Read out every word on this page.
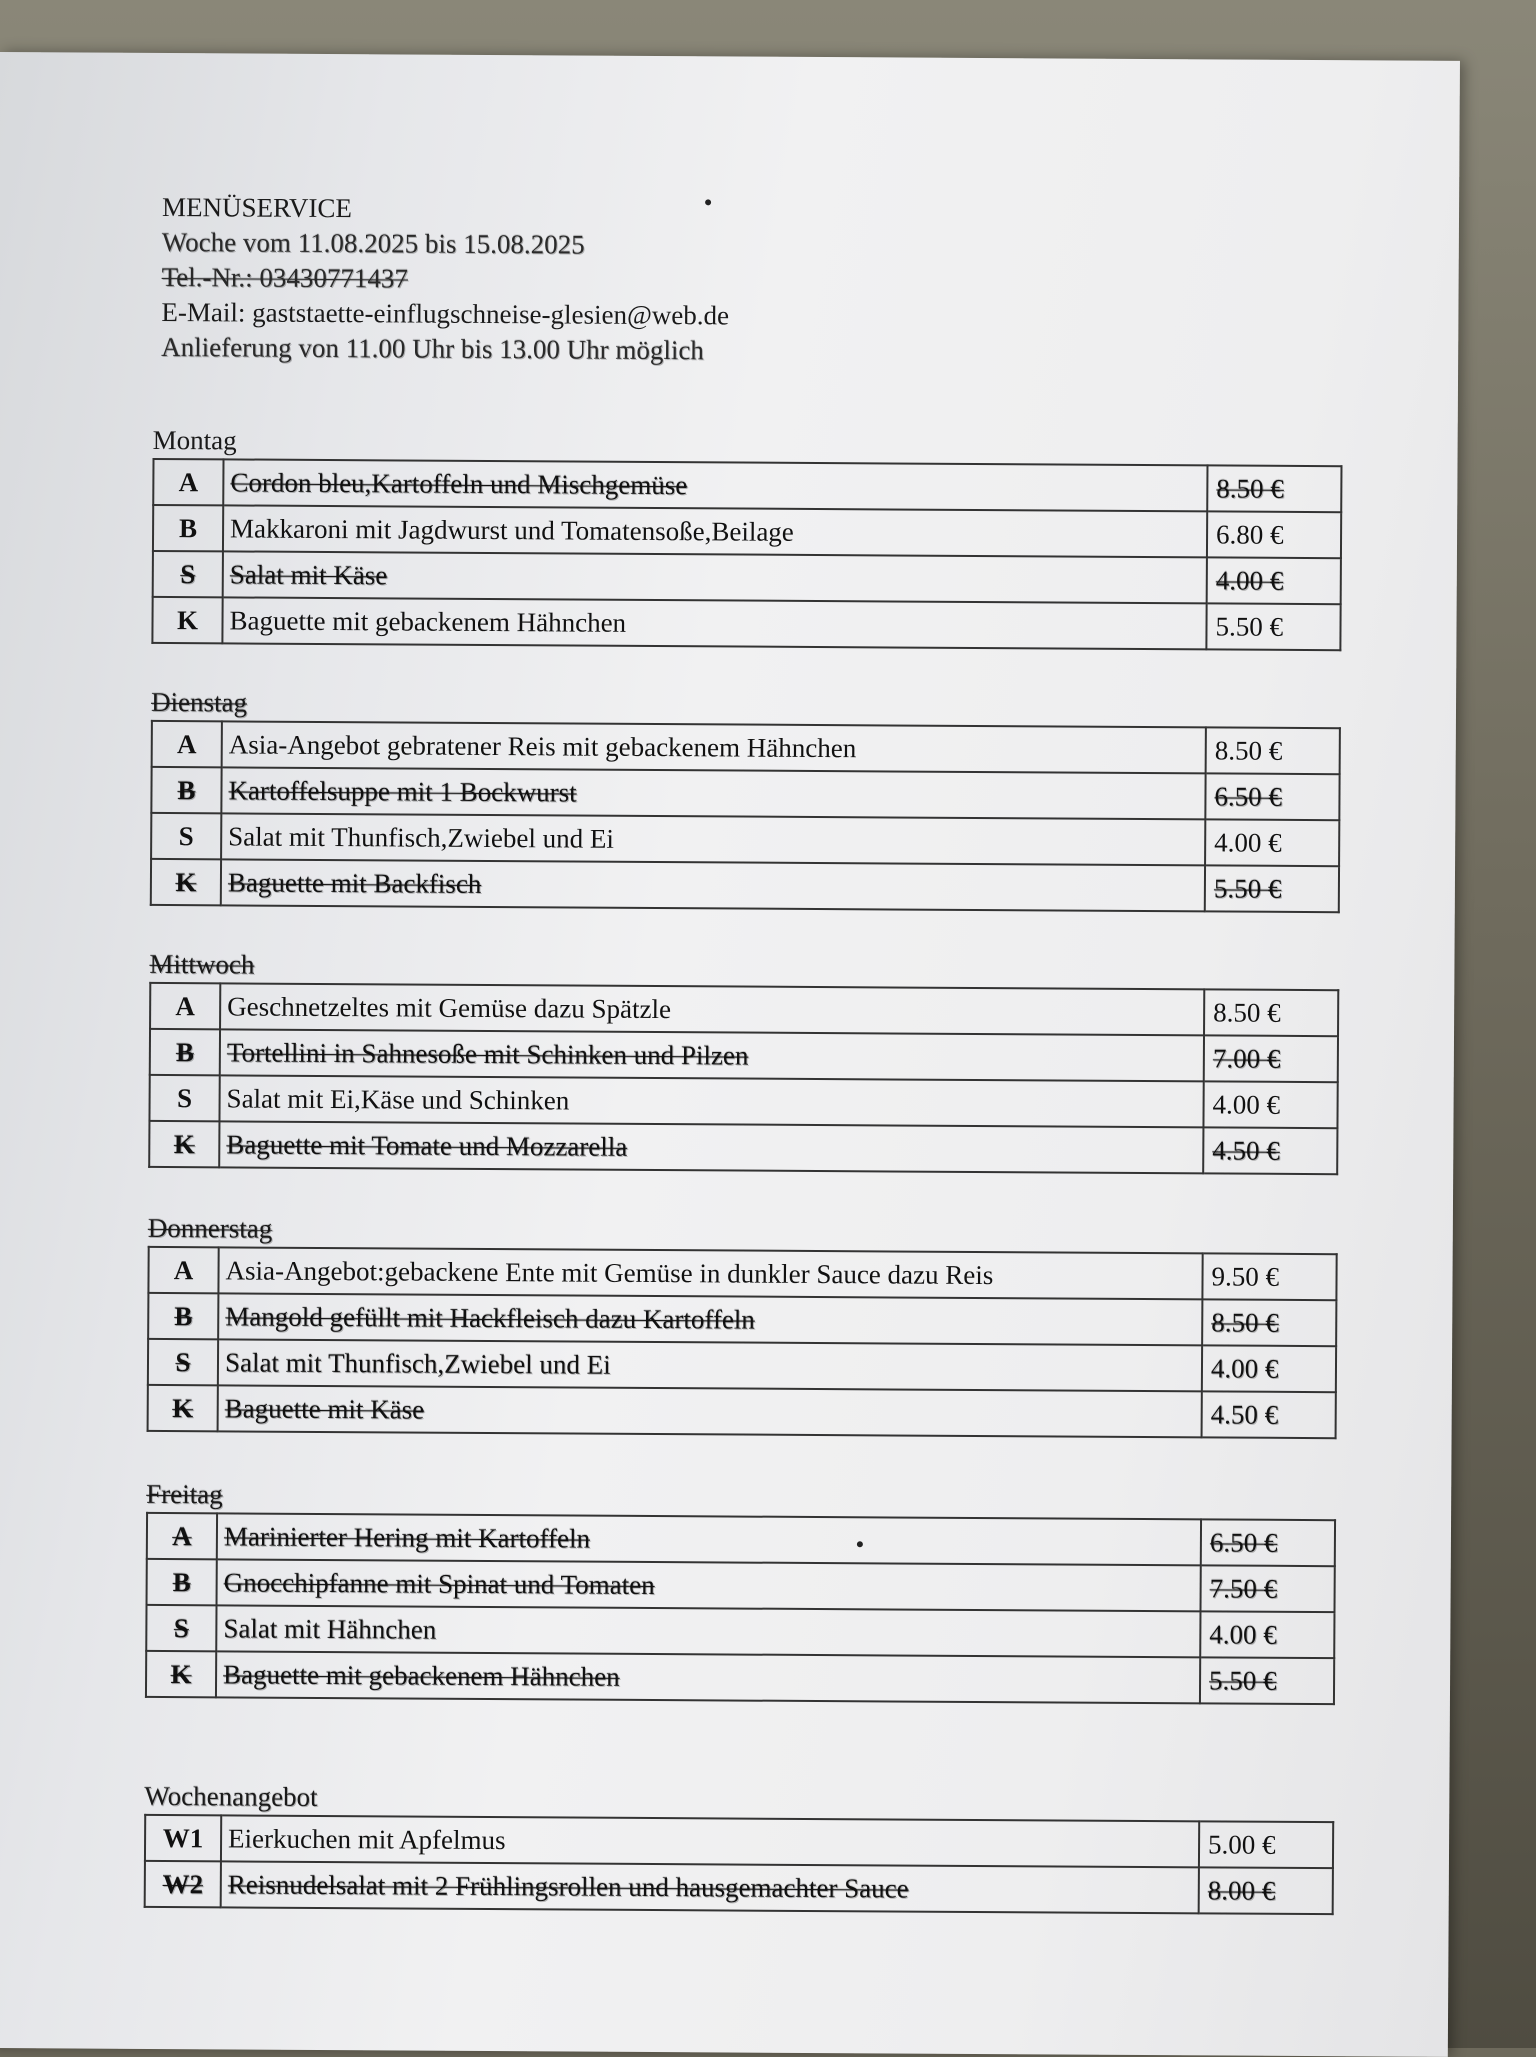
MENÜSERVICE
Woche vom 11.08.2025 bis 15.08.2025
Tel.-Nr.: 03430771437
E-Mail: gaststaette-einflugschneise-glesien@web.de
Anlieferung von 11.00 Uhr bis 13.00 Uhr möglich
Montag
A	Cordon bleu,Kartoffeln und Mischgemüse	8.50 €
B	Makkaroni mit Jagdwurst und Tomatensoße,Beilage	6.80 €
S	Salat mit Käse	4.00 €
K	Baguette mit gebackenem Hähnchen	5.50 €
Dienstag
A	Asia-Angebot gebratener Reis mit gebackenem Hähnchen	8.50 €
B	Kartoffelsuppe mit 1 Bockwurst	6.50 €
S	Salat mit Thunfisch,Zwiebel und Ei	4.00 €
K	Baguette mit Backfisch	5.50 €
Mittwoch
A	Geschnetzeltes mit Gemüse dazu Spätzle	8.50 €
B	Tortellini in Sahnesoße mit Schinken und Pilzen	7.00 €
S	Salat mit Ei,Käse und Schinken	4.00 €
K	Baguette mit Tomate und Mozzarella	4.50 €
Donnerstag
A	Asia-Angebot:gebackene Ente mit Gemüse in dunkler Sauce dazu Reis	9.50 €
B	Mangold gefüllt mit Hackfleisch dazu Kartoffeln	8.50 €
S	Salat mit Thunfisch,Zwiebel und Ei	4.00 €
K	Baguette mit Käse	4.50 €
Freitag
A	Marinierter Hering mit Kartoffeln	6.50 €
B	Gnocchipfanne mit Spinat und Tomaten	7.50 €
S	Salat mit Hähnchen	4.00 €
K	Baguette mit gebackenem Hähnchen	5.50 €
Wochenangebot
W1	Eierkuchen mit Apfelmus	5.00 €
W2	Reisnudelsalat mit 2 Frühlingsrollen und hausgemachter Sauce	8.00 €
